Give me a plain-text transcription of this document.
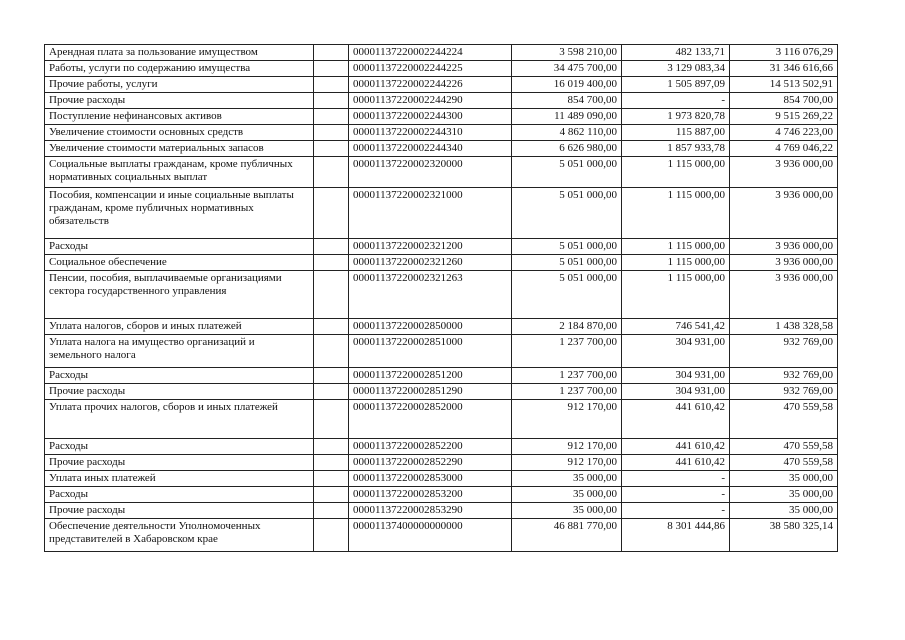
Арендная плата за пользование имуществом		00001137220002244224	3 598 210,00	482 133,71	3 116 076,29
Работы, услуги по содержанию имущества		00001137220002244225	34 475 700,00	3 129 083,34	31 346 616,66
Прочие работы, услуги		00001137220002244226	16 019 400,00	1 505 897,09	14 513 502,91
Прочие расходы		00001137220002244290	854 700,00	-	854 700,00
Поступление нефинансовых активов		00001137220002244300	11 489 090,00	1 973 820,78	9 515 269,22
Увеличение стоимости основных средств		00001137220002244310	4 862 110,00	115 887,00	4 746 223,00
Увеличение стоимости материальных запасов		00001137220002244340	6 626 980,00	1 857 933,78	4 769 046,22
Социальные выплаты гражданам, кроме публичных нормативных социальных выплат		00001137220002320000	5 051 000,00	1 115 000,00	3 936 000,00
Пособия, компенсации и иные социальные выплаты гражданам, кроме публичных нормативных обязательств		00001137220002321000	5 051 000,00	1 115 000,00	3 936 000,00
Расходы		00001137220002321200	5 051 000,00	1 115 000,00	3 936 000,00
Социальное обеспечение		00001137220002321260	5 051 000,00	1 115 000,00	3 936 000,00
Пенсии, пособия, выплачиваемые организациями сектора государственного управления		00001137220002321263	5 051 000,00	1 115 000,00	3 936 000,00
Уплата налогов, сборов и иных платежей		00001137220002850000	2 184 870,00	746 541,42	1 438 328,58
Уплата налога на имущество организаций и земельного налога		00001137220002851000	1 237 700,00	304 931,00	932 769,00
Расходы		00001137220002851200	1 237 700,00	304 931,00	932 769,00
Прочие расходы		00001137220002851290	1 237 700,00	304 931,00	932 769,00
Уплата прочих налогов, сборов и иных платежей		00001137220002852000	912 170,00	441 610,42	470 559,58
Расходы		00001137220002852200	912 170,00	441 610,42	470 559,58
Прочие расходы		00001137220002852290	912 170,00	441 610,42	470 559,58
Уплата иных платежей		00001137220002853000	35 000,00	-	35 000,00
Расходы		00001137220002853200	35 000,00	-	35 000,00
Прочие расходы		00001137220002853290	35 000,00	-	35 000,00
Обеспечение деятельности Уполномоченных представителей в Хабаровском крае		00001137400000000000	46 881 770,00	8 301 444,86	38 580 325,14
